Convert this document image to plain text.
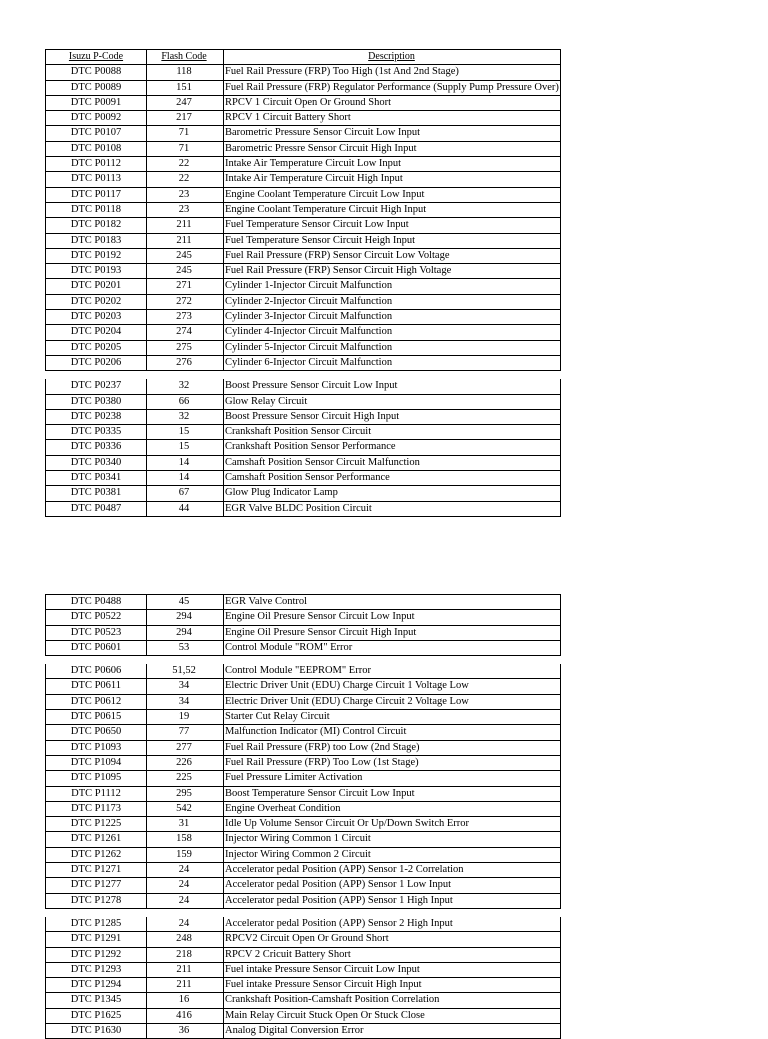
Isuzu P-Code	Flash Code	Description
DTC P0088	118	Fuel Rail Pressure (FRP) Too High (1st And 2nd Stage)
DTC P0089	151	Fuel Rail Pressure (FRP) Regulator Performance (Supply Pump Pressure Over)
DTC P0091	247	RPCV 1 Circuit Open Or Ground Short
DTC P0092	217	RPCV 1 Circuit Battery Short
DTC P0107	71	Barometric Pressure Sensor Circuit Low Input
DTC P0108	71	Barometric Pressre Sensor Circuit High Input
DTC P0112	22	Intake Air Temperature Circuit Low Input
DTC P0113	22	Intake Air Temperature Circuit High Input
DTC P0117	23	Engine Coolant Temperature Circuit Low Input
DTC P0118	23	Engine Coolant Temperature Circuit High Input
DTC P0182	211	Fuel Temperature Sensor Circuit Low Input
DTC P0183	211	Fuel Temperature Sensor Circuit Heigh Input
DTC P0192	245	Fuel Rail Pressure (FRP) Sensor Circuit Low Voltage
DTC P0193	245	Fuel Rail Pressure (FRP) Sensor Circuit High Voltage
DTC P0201	271	Cylinder 1-Injector Circuit Malfunction
DTC P0202	272	Cylinder 2-Injector Circuit Malfunction
DTC P0203	273	Cylinder 3-Injector Circuit Malfunction
DTC P0204	274	Cylinder 4-Injector Circuit Malfunction
DTC P0205	275	Cylinder 5-Injector Circuit Malfunction
DTC P0206	276	Cylinder 6-Injector Circuit Malfunction
DTC P0237	32	Boost Pressure Sensor Circuit Low Input
DTC P0380	66	Glow Relay Circuit
DTC P0238	32	Boost Pressure Sensor Circuit High Input
DTC P0335	15	Crankshaft Position Sensor Circuit
DTC P0336	15	Crankshaft Position Sensor Performance
DTC P0340	14	Camshaft Position Sensor Circuit Malfunction
DTC P0341	14	Camshaft Position Sensor Performance
DTC P0381	67	Glow Plug Indicator Lamp
DTC P0487	44	EGR Valve BLDC Position Circuit
DTC P0488	45	EGR Valve Control
DTC P0522	294	Engine Oil Presure Sensor Circuit Low Input
DTC P0523	294	Engine Oil Presure Sensor Circuit High Input
DTC P0601	53	Control Module "ROM" Error
DTC P0606	51,52	Control Module "EEPROM" Error
DTC P0611	34	Electric Driver Unit (EDU) Charge Circuit 1 Voltage Low
DTC P0612	34	Electric Driver Unit (EDU) Charge Circuit 2 Voltage Low
DTC P0615	19	Starter Cut Relay Circuit
DTC P0650	77	Malfunction Indicator (MI) Control Circuit
DTC P1093	277	Fuel Rail Pressure (FRP) too Low (2nd Stage)
DTC P1094	226	Fuel Rail Pressure (FRP) Too Low (1st Stage)
DTC P1095	225	Fuel Pressure Limiter Activation
DTC P1112	295	Boost Temperature Sensor Circuit Low Input
DTC P1173	542	Engine Overheat Condition
DTC P1225	31	Idle Up Volume Sensor Circuit Or Up/Down Switch Error
DTC P1261	158	Injector Wiring Common 1 Circuit
DTC P1262	159	Injector Wiring Common 2 Circuit
DTC P1271	24	Accelerator pedal Position (APP) Sensor 1-2 Correlation
DTC P1277	24	Accelerator pedal Position (APP) Sensor 1 Low Input
DTC P1278	24	Accelerator pedal Position (APP) Sensor 1 High Input
DTC P1285	24	Accelerator pedal Position (APP) Sensor 2 High Input
DTC P1291	248	RPCV2 Circuit Open Or Ground Short
DTC P1292	218	RPCV 2 Cricuit Battery Short
DTC P1293	211	Fuel intake Pressure Sensor Circuit Low Input
DTC P1294	211	Fuel intake Pressure Sensor Circuit High Input
DTC P1345	16	Crankshaft Position-Camshaft Position Correlation
DTC P1625	416	Main Relay Circuit Stuck Open Or Stuck Close
DTC P1630	36	Analog Digital Conversion Error
